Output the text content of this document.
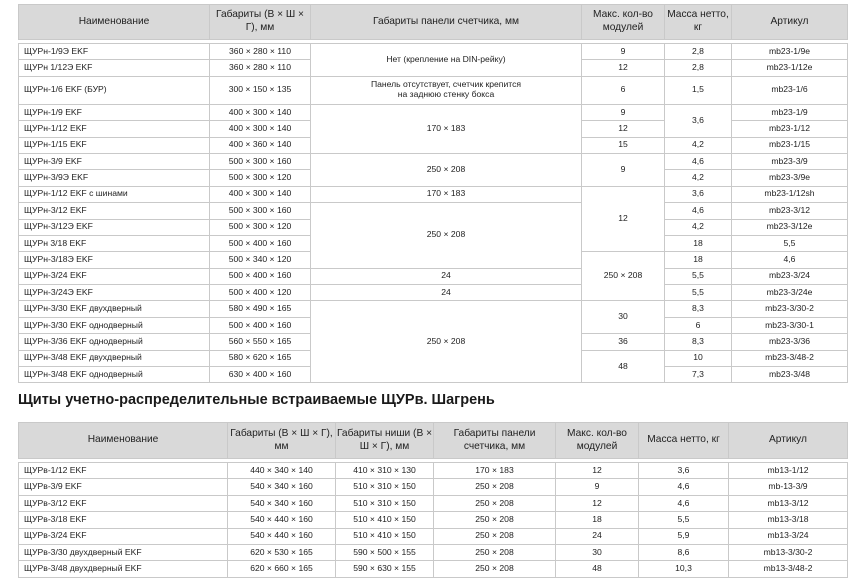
Наименование	Габариты (В × Ш × Г), мм	Габариты панели счетчика, мм	Макс. кол-во модулей	Масса нетто, кг	Артикул	

ЩУРн-1/9Э EKF	360 × 280 × 110	Нет (крепление на DIN-рейку)	9	2,8	mb23-1/9e	
ЩУРн 1/12Э EKF	360 × 280 × 110		12	2,8	mb23-1/12e	
ЩУРн-1/6 EKF (БУР)	300 × 150 × 135	Панель отсутствует, счетчик крепится на заднюю стенку бокса	6	1,5	mb23-1/6	
ЩУРн-1/9 EKF	400 × 300 × 140	170 × 183	9	3,6	mb23-1/9	
ЩУРн-1/12 EKF	400 × 300 × 140		12		mb23-1/12	
ЩУРн-1/15 EKF	400 × 360 × 140		15	4,2	mb23-1/15	
ЩУРн-3/9 EKF	500 × 300 × 160	250 × 208	9	4,6	mb23-3/9	
ЩУРн-3/9Э EKF	500 × 300 × 120			4,2	mb23-3/9e	
ЩУРн-1/12 EKF с шинами	400 × 300 × 140	170 × 183	12	3,6	mb23-1/12sh	
ЩУРн-3/12 EKF	500 × 300 × 160	250 × 208		4,6	mb23-3/12	
ЩУРн-3/12Э EKF	500 × 300 × 120			4,2	mb23-3/12e	
ЩУРн 3/18 EKF	500 × 400 × 160			18	5,5	
ЩУРн-3/18Э EKF	500 × 340 × 120		250 × 208	18	4,6	
ЩУРн-3/24 EKF	500 × 400 × 160	24		5,5	mb23-3/24	
ЩУРн-3/24Э EKF	500 × 400 × 120	24		5,5	mb23-3/24e	
ЩУРн-3/30 EKF двухдверный	580 × 490 × 165	250 × 208	30	8,3	mb23-3/30-2	
ЩУРн-3/30 EKF однодверный	500 × 400 × 160			6	mb23-3/30-1	
ЩУРн-3/36 EKF однодверный	560 × 550 × 165		36	8,3	mb23-3/36	
ЩУРн-3/48 EKF двухдверный	580 × 620 × 165		48	10	mb23-3/48-2	
ЩУРн-3/48 EKF однодверный	630 × 400 × 160			7,3	mb23-3/48	
Щиты учетно-распределительные встраиваемые ЩУРв. Шагрень
Наименование	Габариты (В × Ш × Г), мм	Габариты ниши (В × Ш × Г), мм	Габариты панели счетчика, мм	Макс. кол-во модулей	Масса нетто, кг	Артикул

ЩУРв-1/12 EKF	440 × 340 × 140	410 × 310 × 130	170 × 183	12	3,6	mb13-1/12
ЩУРв-3/9 EKF	540 × 340 × 160	510 × 310 × 150	250 × 208	9	4,6	mb-13-3/9
ЩУРв-3/12 EKF	540 × 340 × 160	510 × 310 × 150	250 × 208	12	4,6	mb13-3/12
ЩУРв-3/18 EKF	540 × 440 × 160	510 × 410 × 150	250 × 208	18	5,5	mb13-3/18
ЩУРв-3/24 EKF	540 × 440 × 160	510 × 410 × 150	250 × 208	24	5,9	mb13-3/24
ЩУРв-3/30 двухдверный EKF	620 × 530 × 165	590 × 500 × 155	250 × 208	30	8,6	mb13-3/30-2
ЩУРв-3/48 двухдверный EKF	620 × 660 × 165	590 × 630 × 155	250 × 208	48	10,3	mb13-3/48-2
